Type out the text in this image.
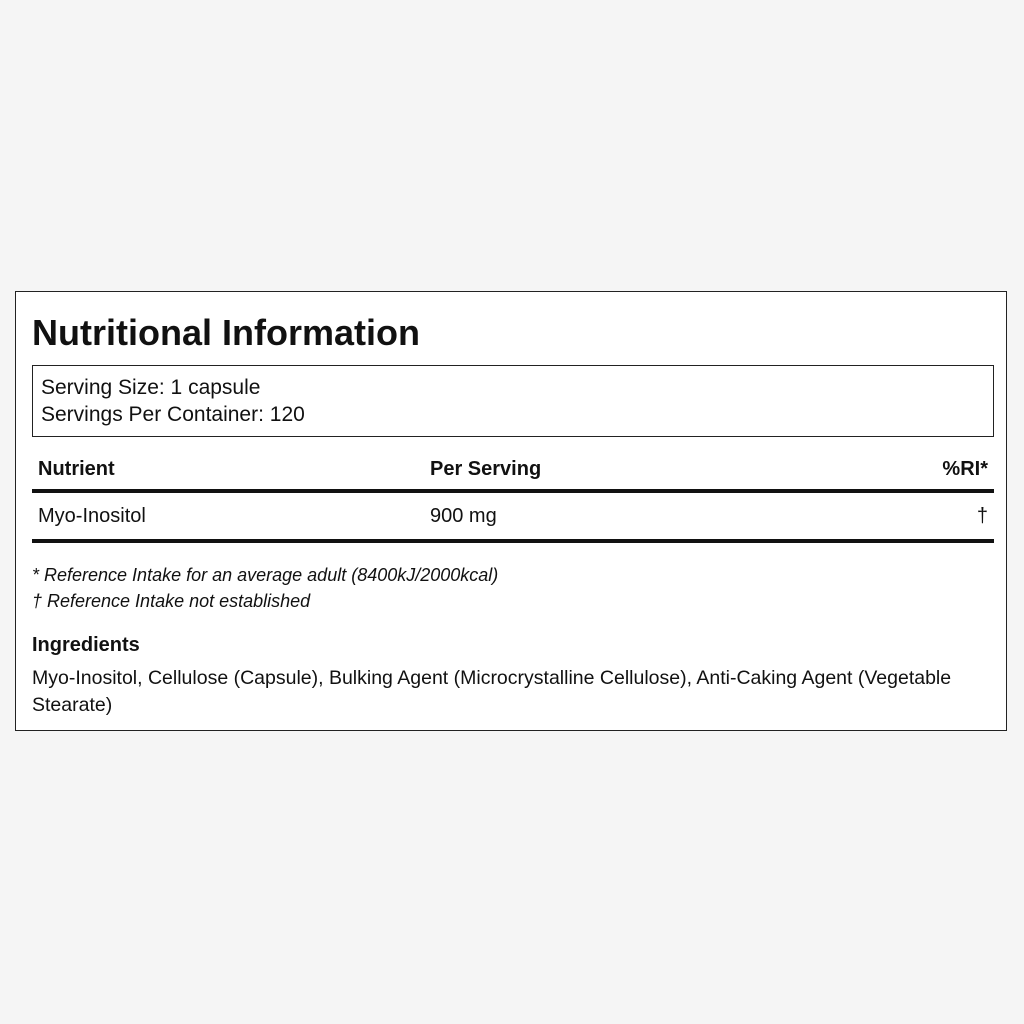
Nutritional Information
Serving Size: 1 capsule
Servings Per Container: 120
Nutrient	Per Serving	%RI*
Myo-Inositol	900 mg	†
* Reference Intake for an average adult (8400kJ/2000kcal)
† Reference Intake not established
Ingredients

Myo-Inositol, Cellulose (Capsule), Bulking Agent (Microcrystalline Cellulose), Anti-Caking Agent (Vegetable Stearate)
